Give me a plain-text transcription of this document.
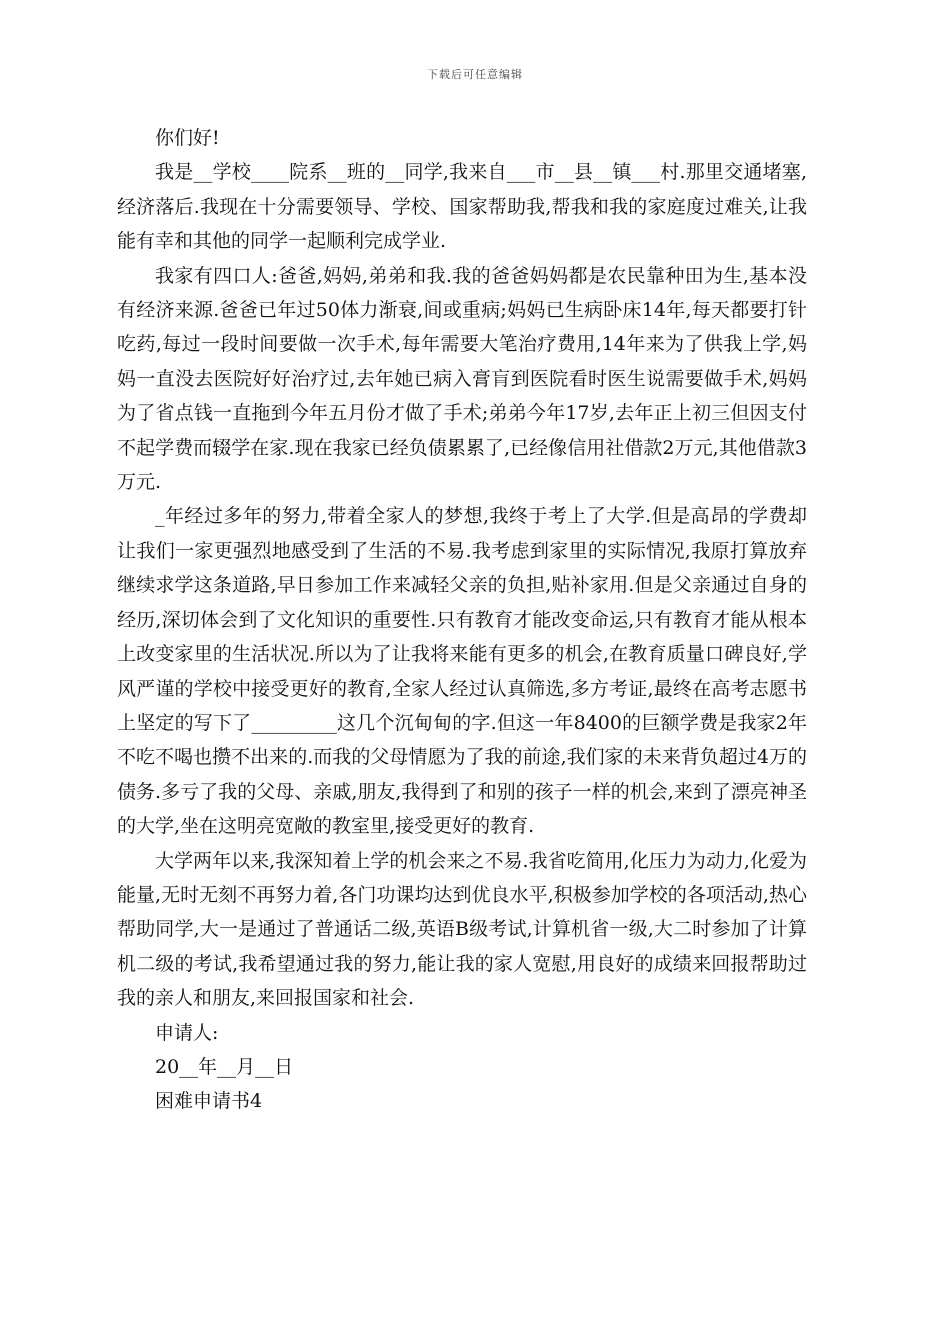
下载后可任意编辑

你们好!

我是__学校____院系__班的__同学,我来自___市__县__镇___村.那里交通堵塞,经济落后.我现在十分需要领导、学校、国家帮助我,帮我和我的家庭度过难关,让我能有幸和其他的同学一起顺利完成学业.

我家有四口人:爸爸,妈妈,弟弟和我.我的爸爸妈妈都是农民靠种田为生,基本没有经济来源.爸爸已年过50体力渐衰,间或重病;妈妈已生病卧床14年,每天都要打针吃药,每过一段时间要做一次手术,每年需要大笔治疗费用,14年来为了供我上学,妈妈一直没去医院好好治疗过,去年她已病入膏肓到医院看时医生说需要做手术,妈妈为了省点钱一直拖到今年五月份才做了手术;弟弟今年17岁,去年正上初三但因支付不起学费而辍学在家.现在我家已经负债累累了,已经像信用社借款2万元,其他借款3万元.

_年经过多年的努力,带着全家人的梦想,我终于考上了大学.但是高昂的学费却让我们一家更强烈地感受到了生活的不易.我考虑到家里的实际情况,我原打算放弃继续求学这条道路,早日参加工作来减轻父亲的负担,贴补家用.但是父亲通过自身的经历,深切体会到了文化知识的重要性.只有教育才能改变命运,只有教育才能从根本上改变家里的生活状况.所以为了让我将来能有更多的机会,在教育质量口碑良好,学风严谨的学校中接受更好的教育,全家人经过认真筛选,多方考证,最终在高考志愿书上坚定的写下了_________这几个沉甸甸的字.但这一年8400的巨额学费是我家2年不吃不喝也攒不出来的.而我的父母情愿为了我的前途,我们家的未来背负超过4万的债务.多亏了我的父母、亲戚,朋友,我得到了和别的孩子一样的机会,来到了漂亮神圣的大学,坐在这明亮宽敞的教室里,接受更好的教育.

大学两年以来,我深知着上学的机会来之不易.我省吃简用,化压力为动力,化爱为能量,无时无刻不再努力着,各门功课均达到优良水平,积极参加学校的各项活动,热心帮助同学,大一是通过了普通话二级,英语B级考试,计算机省一级,大二时参加了计算机二级的考试,我希望通过我的努力,能让我的家人宽慰,用良好的成绩来回报帮助过我的亲人和朋友,来回报国家和社会.

申请人:

20__年__月__日

困难申请书4
